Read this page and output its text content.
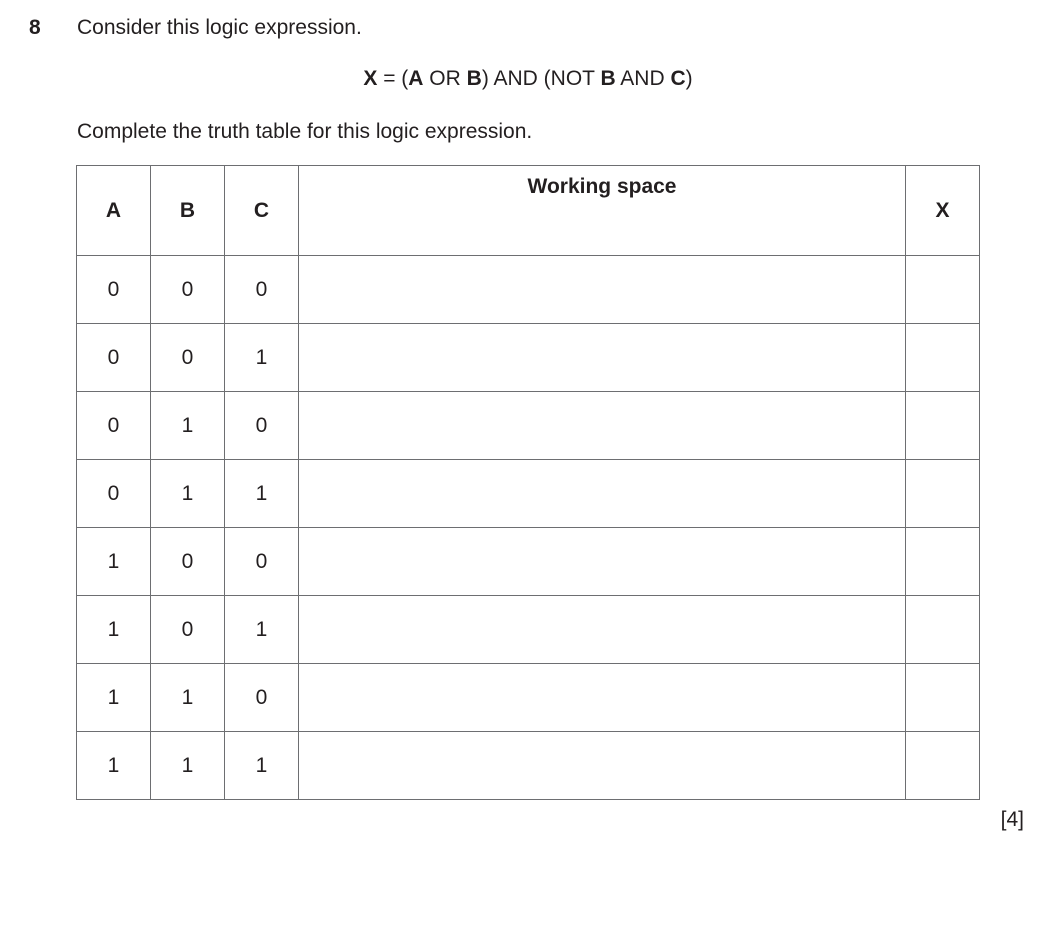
8 Consider this logic expression.
X = (A OR B) AND (NOT B AND C)
Complete the truth table for this logic expression.
A	B	C	Working space	X
0	0	0		
0	0	1		
0	1	0		
0	1	1		
1	0	0		
1	0	1		
1	1	0		
1	1	1		
[4]
